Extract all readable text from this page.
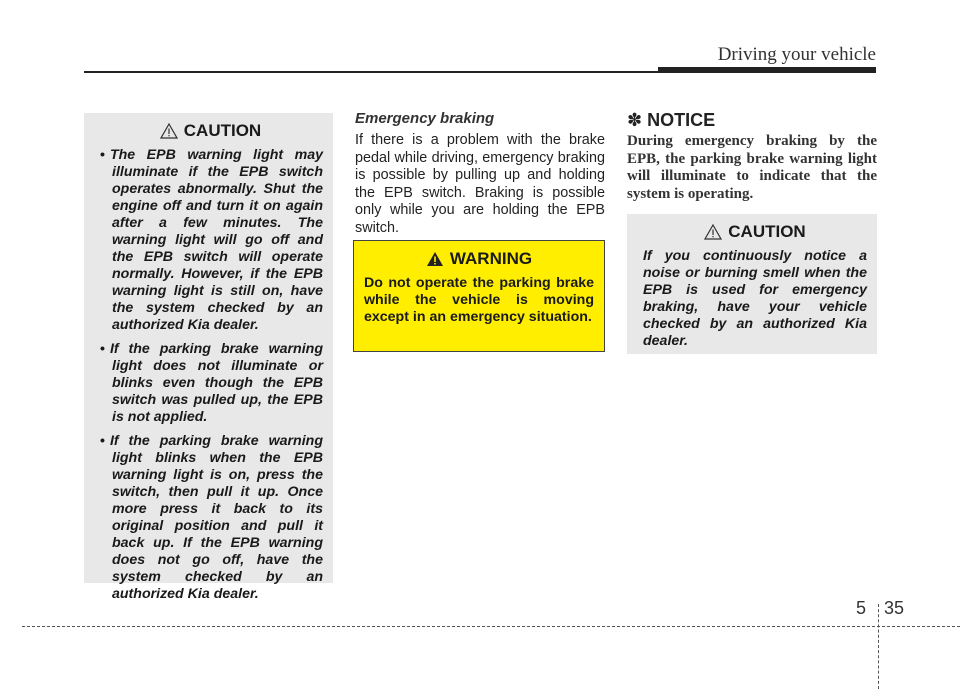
Driving your vehicle
CAUTION
• The EPB warning light may illuminate if the EPB switch operates abnormally. Shut the engine off and turn it on again after a few minutes. The warning light will go off and the EPB switch will operate normally. However, if the EPB warning light is still on, have the system checked by an authorized Kia dealer.
• If the parking brake warning light does not illuminate or blinks even though the EPB switch was pulled up, the EPB is not applied.
• If the parking brake warning light blinks when the EPB warning light is on, press the switch, then pull it up. Once more press it back to its original position and pull it back up. If the EPB warning does not go off, have the system checked by an authorized Kia dealer.
Emergency braking
If there is a problem with the brake pedal while driving, emergency braking is possible by pulling up and holding the EPB switch. Braking is possible only while you are holding the EPB switch.
WARNING
Do not operate the parking brake while the vehicle is moving except in an emergency situation.
✽ NOTICE
During emergency braking by the EPB, the parking brake warning light will illuminate to indicate that the system is operating.
CAUTION
If you continuously notice a noise or burning smell when the EPB is used for emergency braking, have your vehicle checked by an authorized Kia dealer.
5 35
